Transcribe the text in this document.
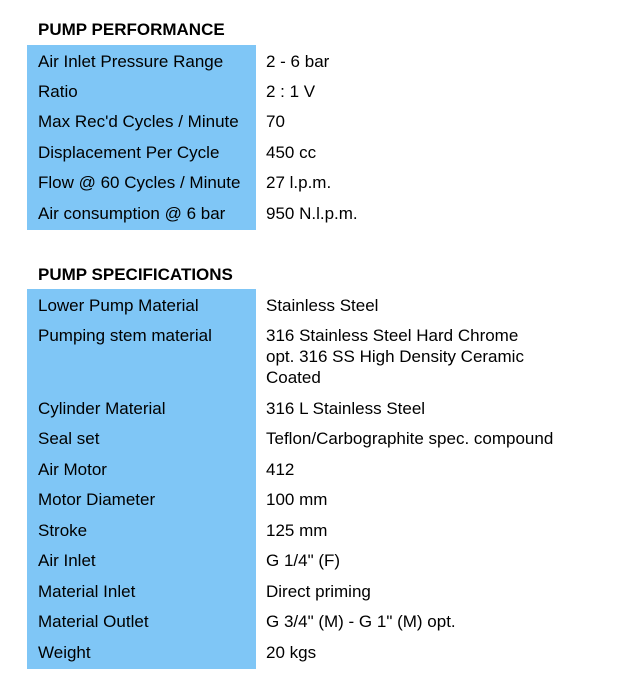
PUMP PERFORMANCE
Air Inlet Pressure Range	2 - 6 bar
Ratio	2 : 1 V
Max Rec'd Cycles / Minute	70
Displacement Per Cycle	450 cc
Flow @ 60 Cycles / Minute	27 l.p.m.
Air consumption @ 6 bar	950 N.l.p.m.
PUMP SPECIFICATIONS
Lower Pump Material	Stainless Steel
Pumping stem material	316 Stainless Steel Hard Chrome
opt. 316 SS High Density Ceramic
Coated

Cylinder Material	316 L Stainless Steel
Seal set	Teflon/Carbographite spec. compound
Air Motor	412
Motor Diameter	100 mm
Stroke	125 mm
Air Inlet	G 1/4" (F)
Material Inlet	Direct priming
Material Outlet	G 3/4" (M) - G 1" (M) opt.
Weight	20 kgs
